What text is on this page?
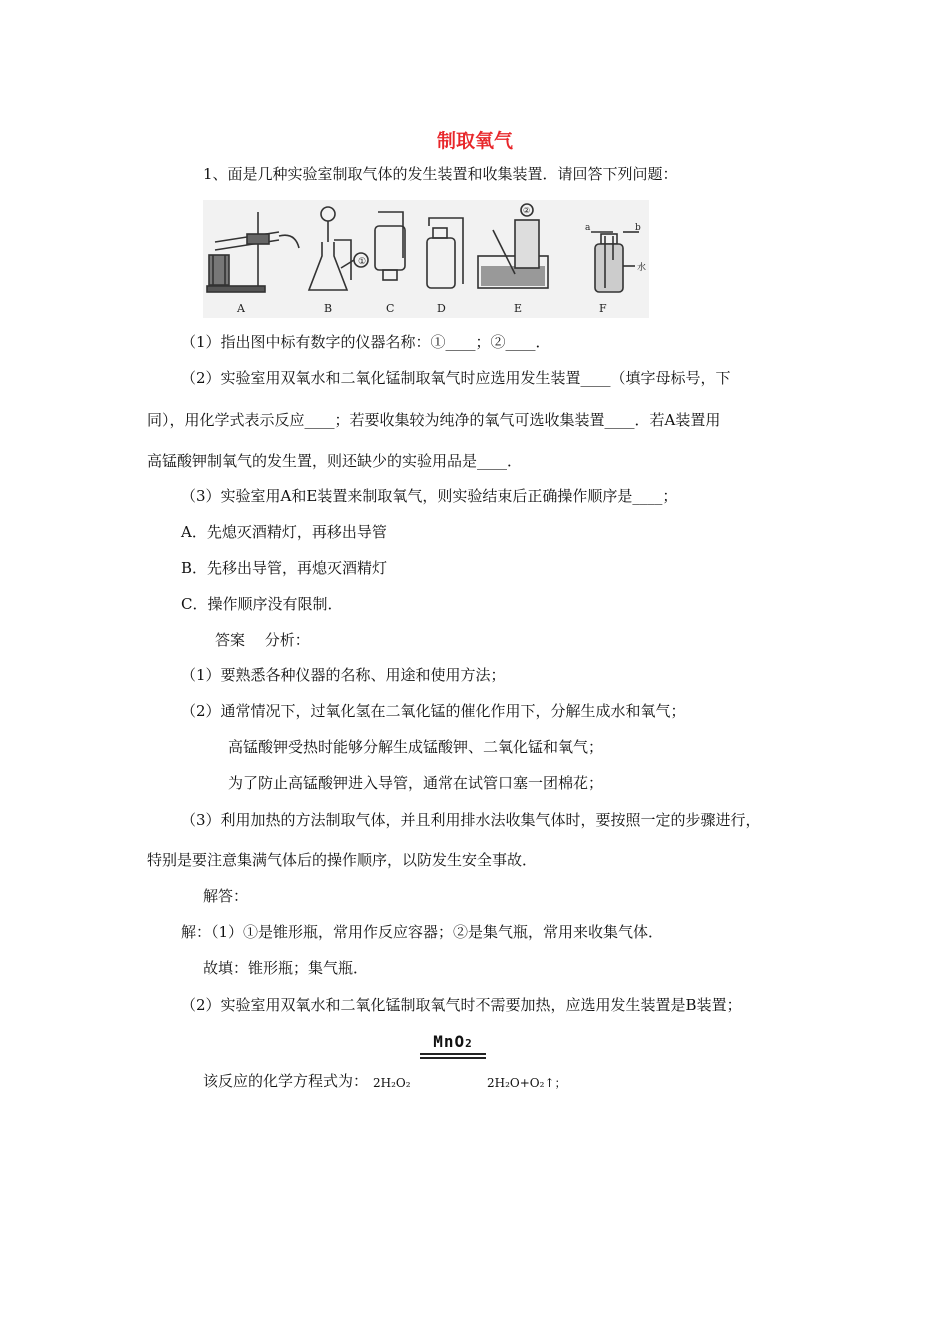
制取氧气
1、面是几种实验室制取气体的发生装置和收集装置．请回答下列问题：
①
②
a	b
水
A	B	C	D	E	F
（1）指出图中标有数字的仪器名称：①____；②____．
（2）实验室用双氧水和二氧化锰制取氧气时应选用发生装置____（填字母标号，下
同），用化学式表示反应____；若要收集较为纯净的氧气可选收集装置____．若A装置用
高锰酸钾制氧气的发生置，则还缺少的实验用品是____．
（3）实验室用A和E装置来制取氧气，则实验结束后正确操作顺序是____；
A．先熄灭酒精灯，再移出导管
B．先移出导管，再熄灭酒精灯
C．操作顺序没有限制．
答案　 分析：
（1）要熟悉各种仪器的名称、用途和使用方法；
（2）通常情况下，过氧化氢在二氧化锰的催化作用下，分解生成水和氧气；
高锰酸钾受热时能够分解生成锰酸钾、二氧化锰和氧气；
为了防止高锰酸钾进入导管，通常在试管口塞一团棉花；
（3）利用加热的方法制取气体，并且利用排水法收集气体时，要按照一定的步骤进行，
特别是要注意集满气体后的操作顺序，以防发生安全事故．
解答：
解：（1）①是锥形瓶，常用作反应容器；②是集气瓶，常用来收集气体．
故填：锥形瓶；集气瓶．
（2）实验室用双氧水和二氧化锰制取氧气时不需要加热，应选用发生装置是B装置；
MnO2
该反应的化学方程式为： 2H₂O₂	2H₂O+O₂↑；
